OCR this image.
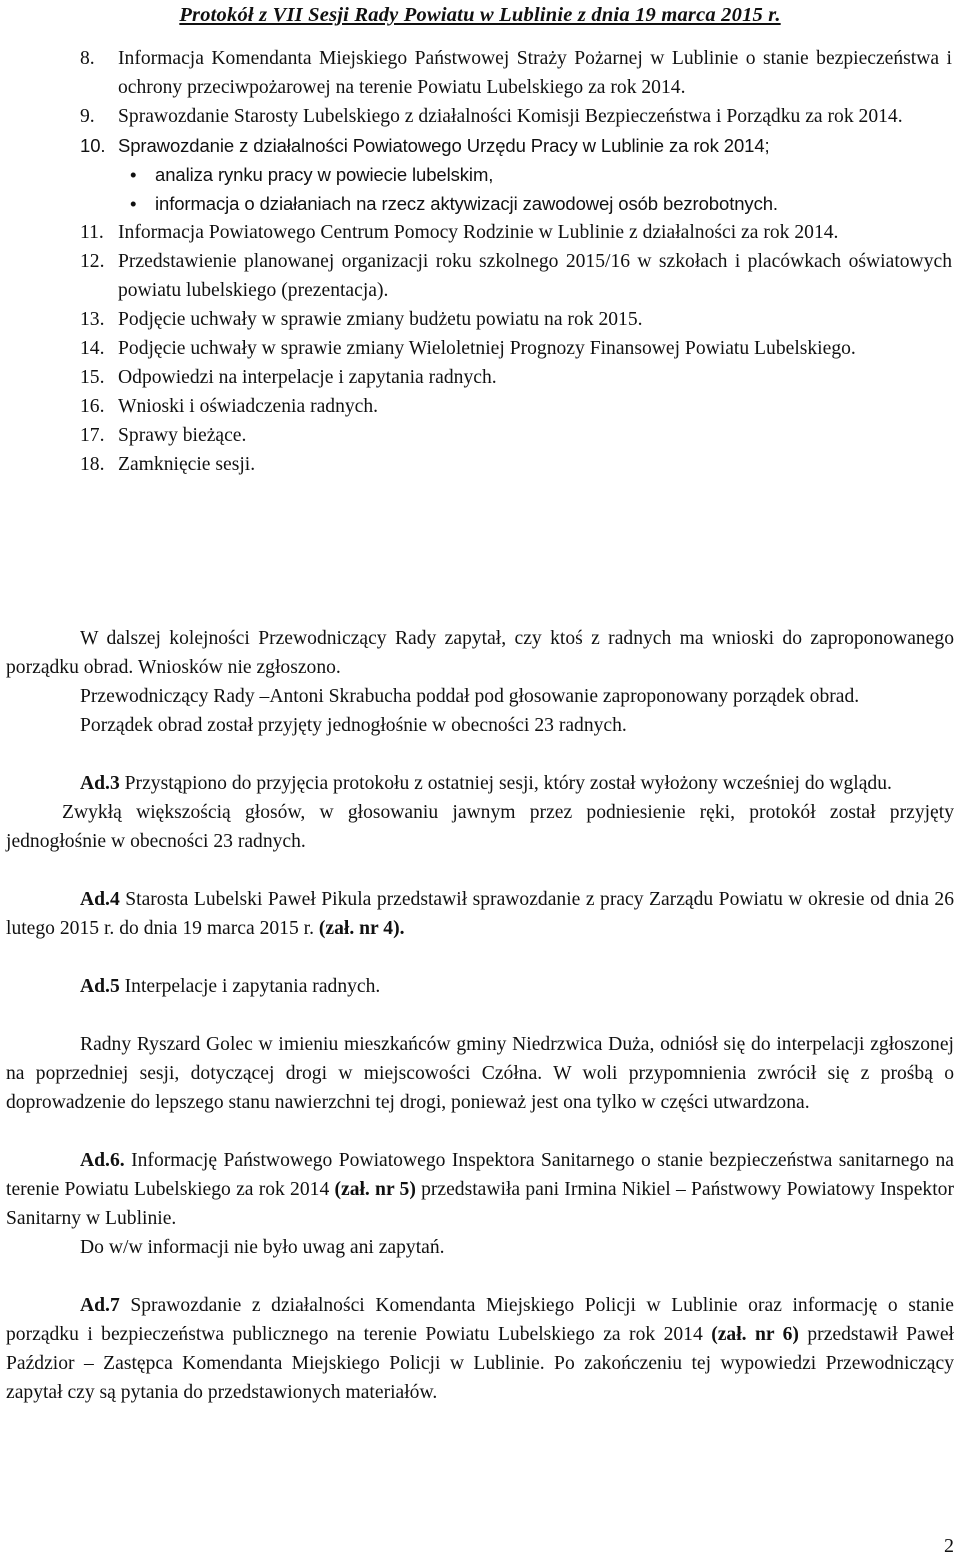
Protokół z VII Sesji Rady Powiatu w Lublinie z dnia 19 marca 2015 r.
8. Informacja Komendanta Miejskiego Państwowej Straży Pożarnej w Lublinie o stanie bezpieczeństwa i ochrony przeciwpożarowej na terenie Powiatu Lubelskiego za rok 2014.
9. Sprawozdanie Starosty Lubelskiego z działalności Komisji Bezpieczeństwa i Porządku za rok 2014.
10. Sprawozdanie z działalności Powiatowego Urzędu Pracy w Lublinie za rok 2014;
• analiza rynku pracy w powiecie lubelskim,
• informacja o działaniach na rzecz aktywizacji zawodowej osób bezrobotnych.
11. Informacja Powiatowego Centrum Pomocy Rodzinie w Lublinie z działalności za rok 2014.
12. Przedstawienie planowanej organizacji roku szkolnego 2015/16 w szkołach i placówkach oświatowych powiatu lubelskiego (prezentacja).
13. Podjęcie uchwały w sprawie zmiany budżetu powiatu na rok 2015.
14. Podjęcie uchwały w sprawie zmiany Wieloletniej Prognozy Finansowej Powiatu Lubelskiego.
15. Odpowiedzi na interpelacje i zapytania radnych.
16. Wnioski i oświadczenia radnych.
17. Sprawy bieżące.
18. Zamknięcie sesji.

W dalszej kolejności Przewodniczący Rady zapytał, czy ktoś z radnych ma wnioski do zaproponowanego porządku obrad. Wniosków nie zgłoszono.

Przewodniczący Rady –Antoni Skrabucha poddał pod głosowanie zaproponowany porządek obrad.

Porządek obrad został przyjęty jednogłośnie w obecności 23 radnych.

Ad.3 Przystąpiono do przyjęcia protokołu z ostatniej sesji, który został wyłożony wcześniej do wglądu.

Zwykłą większością głosów, w głosowaniu jawnym przez podniesienie ręki, protokół został przyjęty jednogłośnie w obecności 23 radnych.

Ad.4 Starosta Lubelski Paweł Pikula przedstawił sprawozdanie z pracy Zarządu Powiatu w okresie od dnia 26 lutego 2015 r. do dnia 19 marca 2015 r. (zał. nr 4).

Ad.5 Interpelacje i zapytania radnych.

Radny Ryszard Golec w imieniu mieszkańców gminy Niedrzwica Duża, odniósł się do interpelacji zgłoszonej na poprzedniej sesji, dotyczącej drogi w miejscowości Czółna. W woli przypomnienia zwrócił się z prośbą o doprowadzenie do lepszego stanu nawierzchni tej drogi, ponieważ jest ona tylko w części utwardzona.

Ad.6. Informację Państwowego Powiatowego Inspektora Sanitarnego o stanie bezpieczeństwa sanitarnego na terenie Powiatu Lubelskiego za rok 2014 (zał. nr 5) przedstawiła pani Irmina Nikiel – Państwowy Powiatowy Inspektor Sanitarny w Lublinie.

Do w/w informacji nie było uwag ani zapytań.

Ad.7 Sprawozdanie z działalności Komendanta Miejskiego Policji w Lublinie oraz informację o stanie porządku i bezpieczeństwa publicznego na terenie Powiatu Lubelskiego za rok 2014 (zał. nr 6) przedstawił Paweł Paździor – Zastępca Komendanta Miejskiego Policji w Lublinie. Po zakończeniu tej wypowiedzi Przewodniczący zapytał czy są pytania do przedstawionych materiałów.

2
